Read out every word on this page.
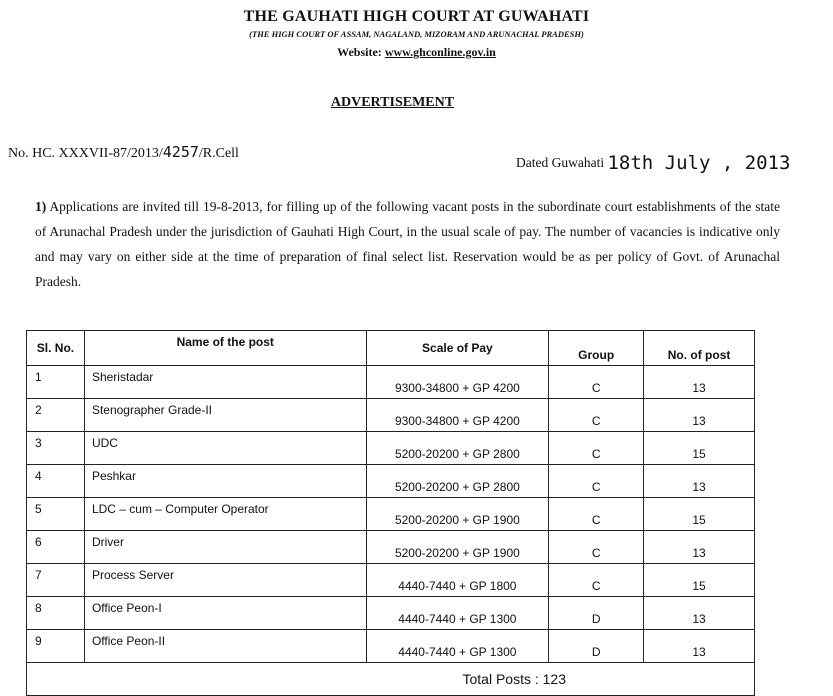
THE GAUHATI HIGH COURT AT GUWAHATI
(THE HIGH COURT OF ASSAM, NAGALAND, MIZORAM AND ARUNACHAL PRADESH)
Website: www.ghconline.gov.in
ADVERTISEMENT
No. HC. XXXVII-87/2013/4257/R.Cell
Dated Guwahati 18th July , 2013
1) Applications are invited till 19-8-2013, for filling up of the following vacant posts in the subordinate court establishments of the state of Arunachal Pradesh under the jurisdiction of Gauhati High Court, in the usual scale of pay. The number of vacancies is indicative only and may vary on either side at the time of preparation of final select list. Reservation would be as per policy of Govt. of Arunachal Pradesh.
Sl. No.	Name of the post	Scale of Pay	Group	No. of post
1	Sheristadar	9300-34800 + GP 4200	C	13
2	Stenographer Grade-II	9300-34800 + GP 4200	C	13
3	UDC	5200-20200 + GP 2800	C	15
4	Peshkar	5200-20200 + GP 2800	C	13
5	LDC – cum – Computer Operator	5200-20200 + GP 1900	C	15
6	Driver	5200-20200 + GP 1900	C	13
7	Process Server	4440-7440 + GP 1800	C	15
8	Office Peon-I	4440-7440 + GP 1300	D	13
9	Office Peon-II	4440-7440 + GP 1300	D	13
Total Posts : 123				
